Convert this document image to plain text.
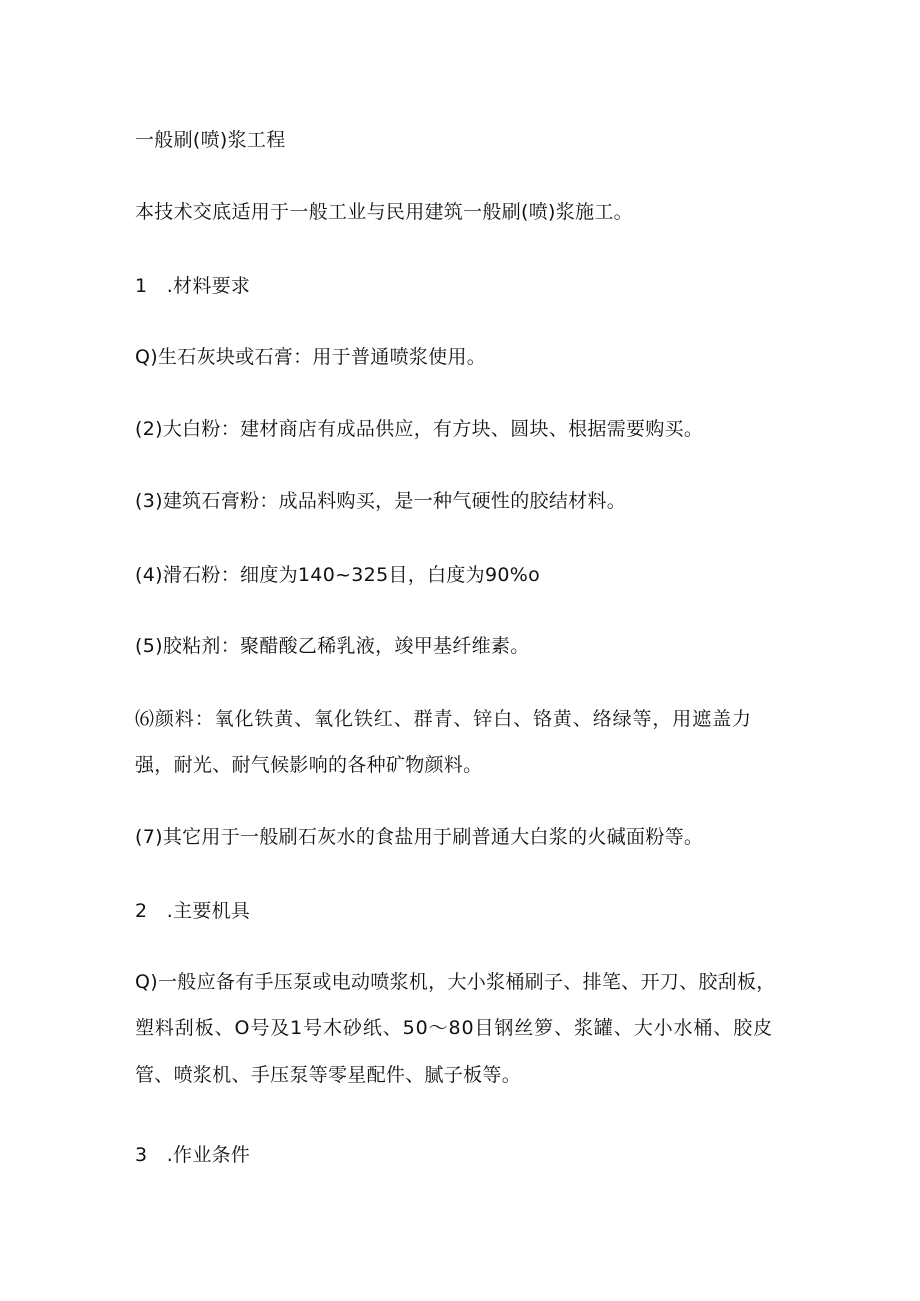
一般刷(喷)浆工程
本技术交底适用于一般工业与民用建筑一般刷(喷)浆施工。
1 .材料要求
Q)生石灰块或石膏：用于普通喷浆使用。
(2)大白粉：建材商店有成品供应，有方块、圆块、根据需要购买。
(3)建筑石膏粉：成品料购买，是一种气硬性的胶结材料。
(4)滑石粉：细度为140~325目，白度为90%o
(5)胶粘剂：聚醋酸乙稀乳液，竣甲基纤维素。
⑹颜料：氧化铁黄、氧化铁红、群青、锌白、铬黄、络绿等，用遮盖力
强，耐光、耐气候影响的各种矿物颜料。
(7)其它用于一般刷石灰水的食盐用于刷普通大白浆的火碱面粉等。
2 .主要机具
Q)一般应备有手压泵或电动喷浆机，大小浆桶刷子、排笔、开刀、胶刮板，
塑料刮板、O号及1号木砂纸、50～80目钢丝箩、浆罐、大小水桶、胶皮
管、喷浆机、手压泵等零星配件、腻子板等。
3 .作业条件
